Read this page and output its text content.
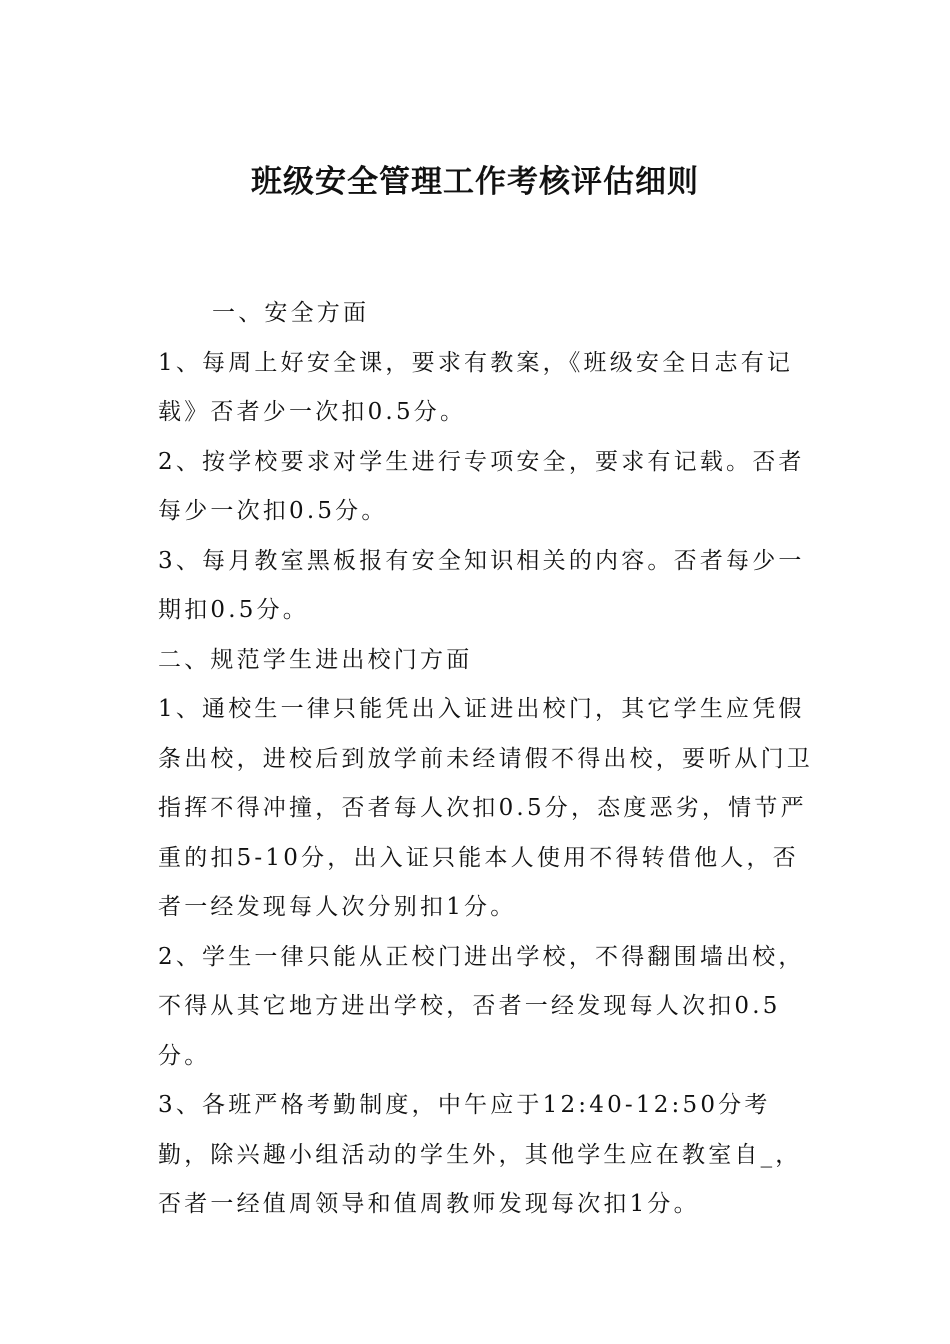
班级安全管理工作考核评估细则

一、安全方面

1、每周上好安全课，要求有教案，《班级安全日志有记载》否者少一次扣0.5分。

2、按学校要求对学生进行专项安全，要求有记载。否者每少一次扣0.5分。

3、每月教室黑板报有安全知识相关的内容。否者每少一期扣0.5分。

二、规范学生进出校门方面

1、通校生一律只能凭出入证进出校门，其它学生应凭假条出校，进校后到放学前未经请假不得出校，要听从门卫指挥不得冲撞，否者每人次扣0.5分，态度恶劣，情节严重的扣5-10分，出入证只能本人使用不得转借他人，否者一经发现每人次分别扣1分。

2、学生一律只能从正校门进出学校，不得翻围墙出校，不得从其它地方进出学校，否者一经发现每人次扣0.5分。

3、各班严格考勤制度，中午应于12:40-12:50分考勤，除兴趣小组活动的学生外，其他学生应在教室自_，否者一经值周领导和值周教师发现每次扣1分。
